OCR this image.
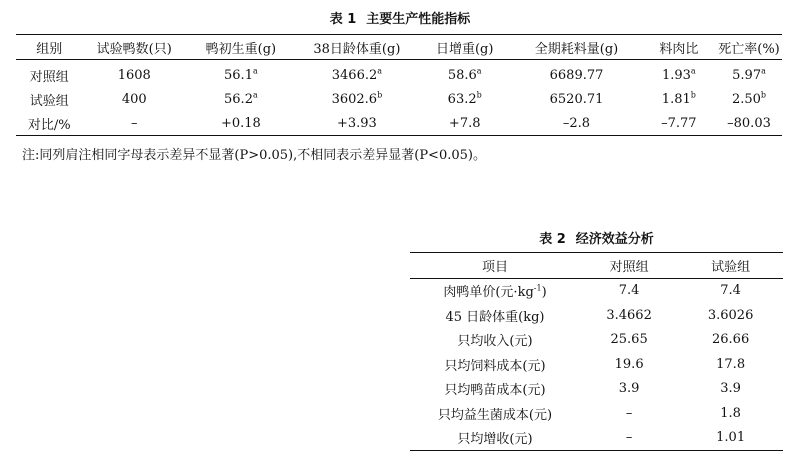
表 1 主要生产性能指标
组别	试验鸭数(只)	鸭初生重(g)	38日龄体重(g)	日增重(g)	全期耗料量(g)	料肉比	死亡率(%)
对照组	1608	56.1$^a$	3466.2$^a$	58.6$^a$	6689.77	1.93$^a$	5.97$^a$
试验组	400	56.2$^a$	3602.6$^b$	63.2$^b$	6520.71	1.81$^b$	2.50$^b$
对比/%	–	+0.18	+3.93	+7.8	–2.8	–7.77	–80.03
注:同列肩注相同字母表示差异不显著(P>0.05),不相同表示差异显著(P<0.05)。
表 2 经济效益分析
项目	对照组	试验组
肉鸭单价(元$\cdot kg^{-1}$)	7.4	7.4
45 日龄体重(kg)	3.4662	3.6026
只均收入(元)	25.65	26.66
只均饲料成本(元)	19.6	17.8
只均鸭苗成本(元)	3.9	3.9
只均益生菌成本(元)	–	1.8
只均增收(元)	–	1.01
